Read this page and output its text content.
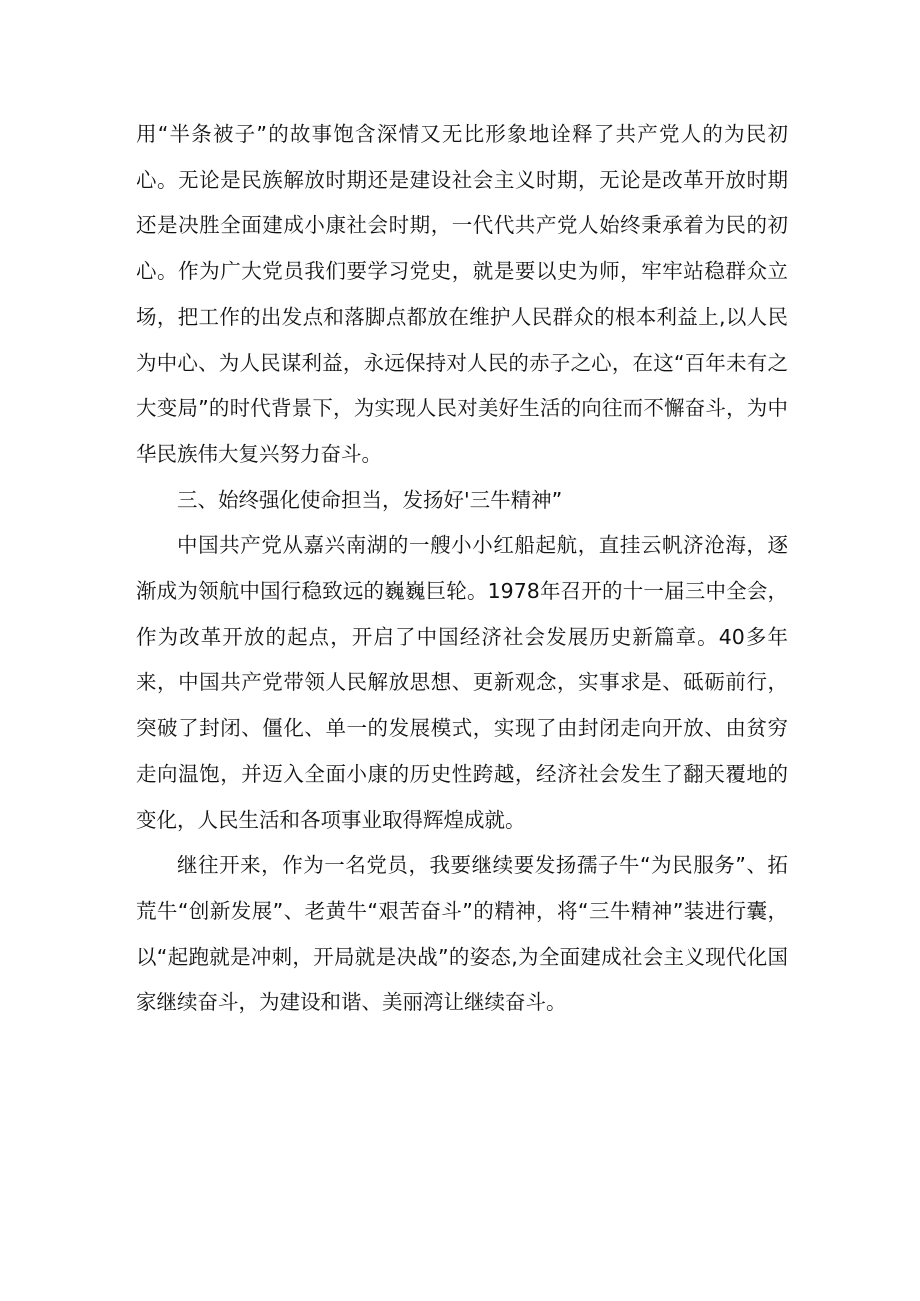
用“半条被子”的故事饱含深情又无比形象地诠释了共产党人的为民初心。无论是民族解放时期还是建设社会主义时期，无论是改革开放时期还是决胜全面建成小康社会时期，一代代共产党人始终秉承着为民的初心。作为广大党员我们要学习党史，就是要以史为师，牢牢站稳群众立场，把工作的出发点和落脚点都放在维护人民群众的根本利益上,以人民为中心、为人民谋利益，永远保持对人民的赤子之心，在这“百年未有之大变局”的时代背景下，为实现人民对美好生活的向往而不懈奋斗，为中华民族伟大复兴努力奋斗。

三、始终强化使命担当，发扬好'三牛精神”

中国共产党从嘉兴南湖的一艘小小红船起航，直挂云帆济沧海，逐渐成为领航中国行稳致远的巍巍巨轮。1978年召开的十一届三中全会，作为改革开放的起点，开启了中国经济社会发展历史新篇章。40多年来，中国共产党带领人民解放思想、更新观念，实事求是、砥砺前行，突破了封闭、僵化、单一的发展模式，实现了由封闭走向开放、由贫穷走向温饱，并迈入全面小康的历史性跨越，经济社会发生了翻天覆地的变化，人民生活和各项事业取得辉煌成就。

继往开来，作为一名党员，我要继续要发扬孺子牛“为民服务”、拓荒牛“创新发展”、老黄牛“艰苦奋斗”的精神，将“三牛精神”装进行囊，以“起跑就是冲刺，开局就是决战”的姿态,为全面建成社会主义现代化国家继续奋斗，为建设和谐、美丽湾让继续奋斗。
